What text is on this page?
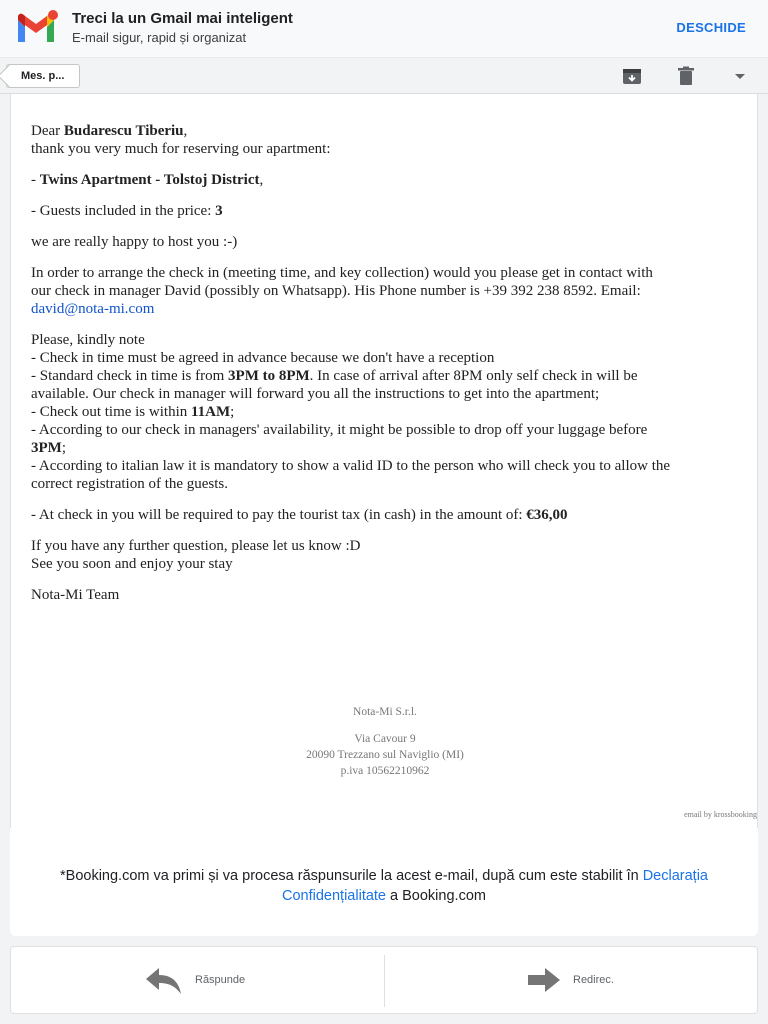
Treci la un Gmail mai inteligent
E-mail sigur, rapid și organizat
DESCHIDE
Mes. p...

Dear Budarescu Tiberiu,
thank you very much for reserving our apartment:

- Twins Apartment - Tolstoj District,

- Guests included in the price: 3

we are really happy to host you :-)

In order to arrange the check in (meeting time, and key collection) would you please get in contact with
our check in manager David (possibly on Whatsapp). His Phone number is +39 392 238 8592. Email:
david@nota-mi.com

Please, kindly note
- Check in time must be agreed in advance because we don't have a reception
- Standard check in time is from 3PM to 8PM. In case of arrival after 8PM only self check in will be
available. Our check in manager will forward you all the instructions to get into the apartment;
- Check out time is within 11AM;
- According to our check in managers' availability, it might be possible to drop off your luggage before
3PM;
- According to italian law it is mandatory to show a valid ID to the person who will check you to allow the
correct registration of the guests.

- At check in you will be required to pay the tourist tax (in cash) in the amount of: €36,00

If you have any further question, please let us know :D
See you soon and enjoy your stay

Nota-Mi Team

Nota-Mi S.r.l.
Via Cavour 9
20090 Trezzano sul Naviglio (MI)
p.iva 10562210962
email by krossbooking
*Booking.com va primi și va procesa răspunsurile la acest e-mail, după cum este stabilit în Declarația
Confidențialitate a Booking.com
Răspunde	Redirec.
